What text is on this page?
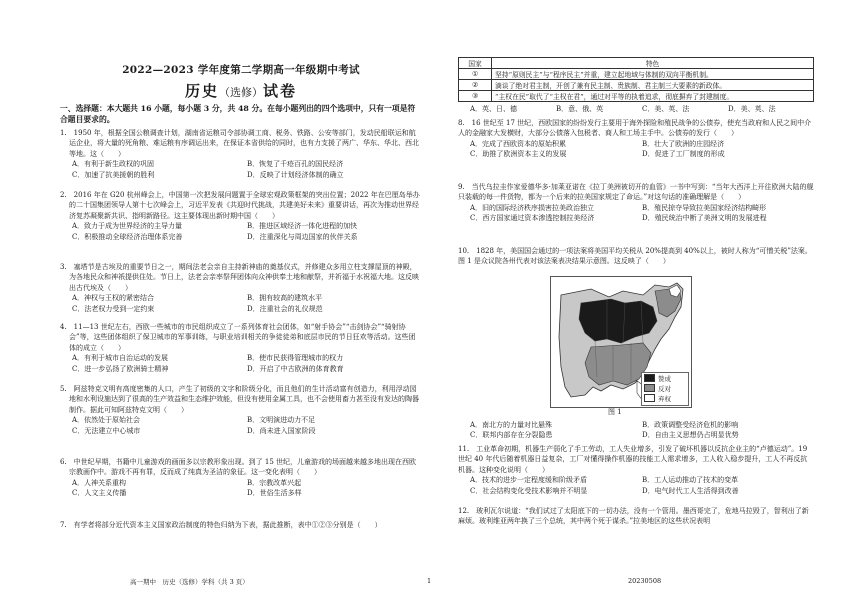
2022—2023 学年度第二学期高一年级期中考试
历史（选修）试卷
一、选择题：本大题共 16 小题，每小题 3 分，共 48 分。在每小题列出的四个选项中，只有一项是符合题目要求的。

1.　1950 年，根据全国公粮调查计划，湖南省运粮司令部协调工商、税务、铁路、公安等部门，发动民船联运和航运企业，将大量的死角粮、难运粮有序调运出来，在保证本省供给的同时，也有力支援了两广、华东、华北、西北等地。这（　　）

A．有利于新生政权的巩固	B．恢复了千疮百孔的国民经济
C．加速了抗美援朝的胜利	D．反映了计划经济体制的确立

2.　2016 年在 G20 杭州峰会上，中国第一次把发展问题置于全球宏观政策框架的突出位置；2022 年在巴厘岛举办的二十国集团领导人第十七次峰会上，习近平发表《共迎时代挑战，共建美好未来》重要讲话，再次为推动世界经济复苏凝聚新共识、指明新路径。这主要体现出新时期中国（　　）

A．致力于成为世界经济的主导力量	B．推进区域经济一体化进程的加快
C．积极推动全球经济治理体系完善	D．注重深化与周边国家的伙伴关系

3.　塞塔节是古埃及的重要节日之一，期间法老会亲自主持新神庙的奠基仪式，并修建众多用立柱支撑屋顶的神殿，为各地民众和神祇提供住处。节日上，法老会亲率祭拜团体向众神供奉土地和献祭，并祈福于水祝福大地。这反映出古代埃及（　　）

A．神权与王权的紧密结合	B．拥有较高的建筑水平
C．法老权力受到一定约束	D．注重社会的礼仪规范

4.　11—13 世纪左右，西欧一些城市的市民组织成立了一系列体育社会团体，如“射手协会”“击剑协会”“骑射协会”等，这些团体组织了保卫城市的军事训练，与职业培训相关的争徒徒弟和底层市民的节日狂欢等活动。这些团体的成立（　　）

A．有利于城市自治运动的发展	B．使市民获得管理城市的权力
C．进一步弘扬了欧洲骑士精神	D．开启了中古欧洲的体育教育

5.　阿兹特克文明有高度密集的人口，产生了初级的文字和阶级分化，而且他们的生计活动富有创造力，利用浮动园地和水利设施达到了很高的生产效益和生态维护效能，但没有使用金属工具，也不会使用畜力甚至没有发达的陶器制作。据此可知阿兹特克文明（　　）

A．依然处于原始社会	B．文明演进动力不足
C．无法建立中心城市	D．尚未进入国家阶段

6.　中世纪早期，书籍中儿童游戏的画面多以宗教形象出现。到了 15 世纪，儿童游戏的场面越来越多地出现在西欧宗教画作中。游戏不再有罪，反而成了纯真为圣洁的象征。这一变化表明（　　）

A．人神关系重构	B．宗教改革兴起
C．人文主义传播	D．世俗生活多样

7.　有学者将部分近代资本主义国家政治制度的特色归纳为下表，据此推断，表中①②③分别是（　　）

国家	特色
①	坚持“原则民主”与“程序民主”并重，建立起地域与体制的双向平衡机制。
②	滴谈了绝对君主制，开创了兼有民主制、贵族制、君主制三大要素的新政体。
③	“主权在民”取代了“主权在君”，通过对平等的执着追求，彻底摒弃了封建制度。
A．英、日、德	B．意、俄、英	C．美、英、法	D．美、英、法

8.　16 世纪至 17 世纪，西欧国家的纷纷发行主要用于海外探险和殖民战争的公债券，使充当政府和人民之间中介人的金融家大发横财，大部分公债落入包税者、商人和工场主手中。公债券的发行（　　）

A．完成了西欧资本的原始积累	B．壮大了欧洲的庄园经济
C．助推了欧洲资本主义的发展	D．促进了工厂制度的形成

9.　当代乌拉圭作家爱德华多·加莱亚诺在《拉丁美洲被切开的血管》一书中写到：“当年大西洋上开往欧洲大陆的舰只装载的每一件货物，都为一个后来的拉美国家规定了命运。”对这句话的准确理解是（　　）

A．旧的国际经济秩序损害拉美政治独立	B．殖民掠夺导致拉美国家经济结构畸形
C．西方国家通过资本渗透控制拉美经济	D．殖民统治中断了美洲文明的发展进程

10.　1828 年，美国国会通过的一项法案将美国平均关税从 20%提高到 40%以上，被时人称为“可憎关税”法案。图 1 是众议院各州代表对该法案表决结果示意图。这反映了（　　）

赞成
反对
弃权
图 1
A．南北方的力量对比悬殊	B．政策调整受经济危机的影响
C．联邦内部存在分裂隐患	D．自由主义思想仍占明显优势

11.　工业革命初期，机器生产弱化了手工劳动，工人失业增多，引发了破坏机器以反抗企业主的“卢德运动”。19 世纪 40 年代后随着机器日益复杂，工厂对懂得操作机器的技能工人需求增多，工人收入稳步提升，工人不再反抗机器。这种变化说明（　　）

A．技术的进步一定程度缓和阶级矛盾	B．工人运动推动了技术的变革
C．社会结构变化受技术影响并不明显	D．电气时代工人生活得到改善

12.　玻利瓦尔说道：“我们试过了太阳底下的一切办法，没有一个管用。墨西哥完了，危地马拉毁了，智利出了新麻烦。玻利维亚两年换了三个总统，其中两个死于谋杀。”拉美地区的这些状况表明

高一期中　历史（选修）学科（共 3 页）	1	20230508
